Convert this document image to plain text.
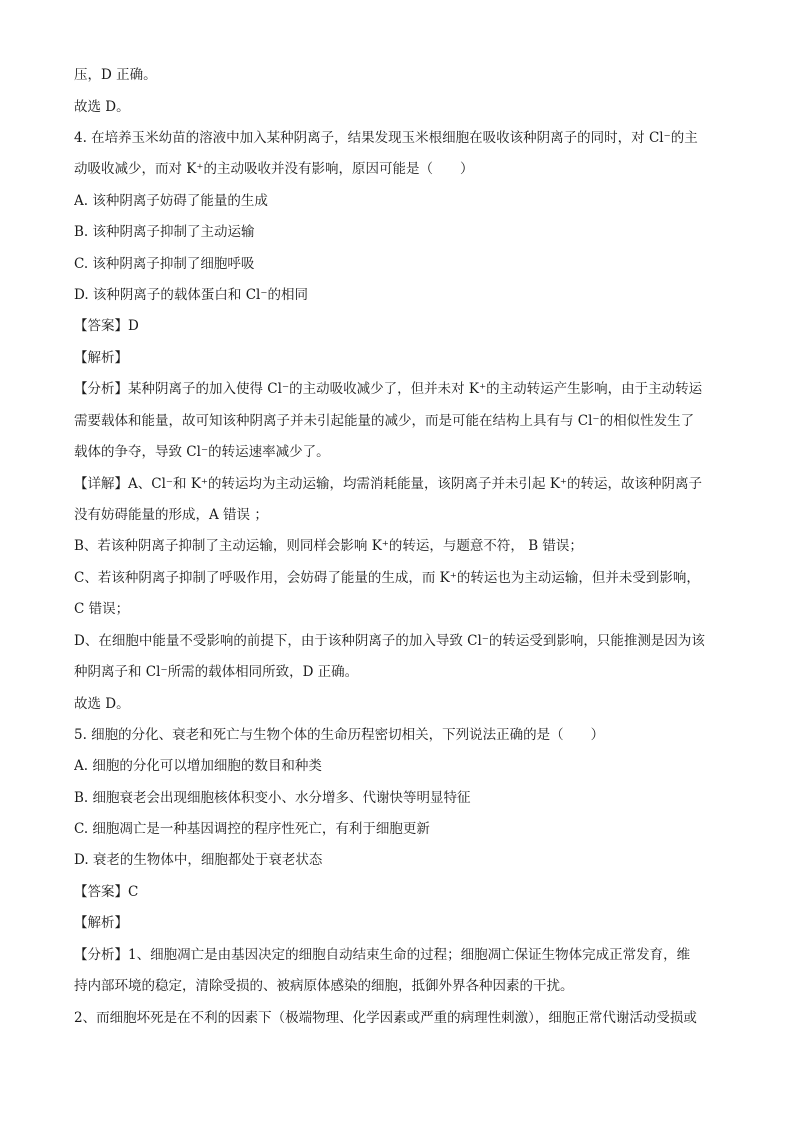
压，D 正确。
故选 D。
4. 在培养玉米幼苗的溶液中加入某种阴离子，结果发现玉米根细胞在吸收该种阴离子的同时，对 Cl⁻的主
动吸收减少，而对 K⁺的主动吸收并没有影响，原因可能是（　　）
A. 该种阴离子妨碍了能量的生成
B. 该种阴离子抑制了主动运输
C. 该种阴离子抑制了细胞呼吸
D. 该种阴离子的载体蛋白和 Cl⁻的相同
【答案】D
【解析】
【分析】某种阴离子的加入使得 Cl⁻的主动吸收减少了，但并未对 K⁺的主动转运产生影响，由于主动转运
需要载体和能量，故可知该种阴离子并未引起能量的减少，而是可能在结构上具有与 Cl⁻的相似性发生了
载体的争夺，导致 Cl⁻的转运速率减少了。
【详解】A、Cl⁻和 K⁺的转运均为主动运输，均需消耗能量，该阴离子并未引起 K⁺的转运，故该种阴离子
没有妨碍能量的形成，A 错误 ；
B、若该种阴离子抑制了主动运输，则同样会影响 K⁺的转运，与题意不符， B 错误；
C、若该种阴离子抑制了呼吸作用，会妨碍了能量的生成，而 K⁺的转运也为主动运输，但并未受到影响，
C 错误；
D、在细胞中能量不受影响的前提下，由于该种阴离子的加入导致 Cl⁻的转运受到影响，只能推测是因为该
种阴离子和 Cl⁻所需的载体相同所致，D 正确。
故选 D。
5. 细胞的分化、衰老和死亡与生物个体的生命历程密切相关，下列说法正确的是（　　）
A. 细胞的分化可以增加细胞的数目和种类
B. 细胞衰老会出现细胞核体积变小、水分增多、代谢快等明显特征
C. 细胞凋亡是一种基因调控的程序性死亡，有利于细胞更新
D. 衰老的生物体中，细胞都处于衰老状态
【答案】C
【解析】
【分析】1、细胞凋亡是由基因决定的细胞自动结束生命的过程；细胞凋亡保证生物体完成正常发育，维
持内部环境的稳定，清除受损的、被病原体感染的细胞，抵御外界各种因素的干扰。
2、而细胞坏死是在不利的因素下（极端物理、化学因素或严重的病理性刺激），细胞正常代谢活动受损或
